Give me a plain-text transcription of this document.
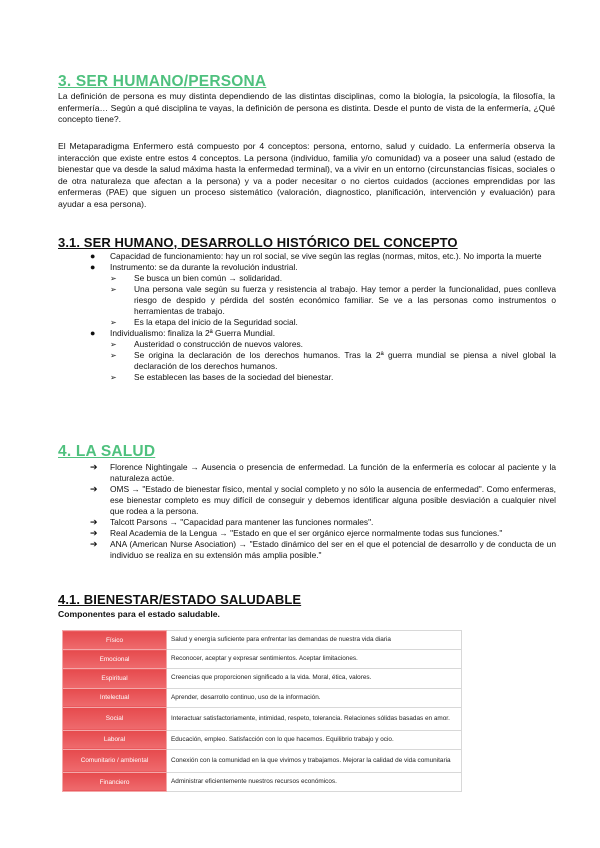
3. SER HUMANO/PERSONA

La definición de persona es muy distinta dependiendo de las distintas disciplinas, como la biología, la psicología, la filosofía, la enfermería… Según a qué disciplina te vayas, la definición de persona es distinta. Desde el punto de vista de la enfermería, ¿Qué concepto tiene?.

El Metaparadigma Enfermero está compuesto por 4 conceptos: persona, entorno, salud y cuidado. La enfermería observa la interacción que existe entre estos 4 conceptos. La persona (individuo, familia y/o comunidad) va a poseer una salud (estado de bienestar que va desde la salud máxima hasta la enfermedad terminal), va a vivir en un entorno (circunstancias físicas, sociales o de otra naturaleza que afectan a la persona) y va a poder necesitar o no ciertos cuidados (acciones emprendidas por las enfermeras (PAE) que siguen un proceso sistemático (valoración, diagnostico, planificación, intervención y evaluación) para ayudar a esa persona).

3.1. SER HUMANO, DESARROLLO HISTÓRICO DEL CONCEPTO
● Capacidad de funcionamiento: hay un rol social, se vive según las reglas (normas, mitos, etc.). No importa la muerte
● Instrumento: se da durante la revolución industrial.
➢ Se busca un bien común → solidaridad.
➢ Una persona vale según su fuerza y resistencia al trabajo. Hay temor a perder la funcionalidad, pues conlleva riesgo de despido y pérdida del sostén económico familiar. Se ve a las personas como instrumentos o herramientas de trabajo.
➢ Es la etapa del inicio de la Seguridad social.
● Individualismo: finaliza la 2ª Guerra Mundial.
➢ Austeridad o construcción de nuevos valores.
➢ Se origina la declaración de los derechos humanos. Tras la 2ª guerra mundial se piensa a nivel global la declaración de los derechos humanos.
➢ Se establecen las bases de la sociedad del bienestar.
4. LA SALUD
➔ Florence Nightingale → Ausencia o presencia de enfermedad. La función de la enfermería es colocar al paciente y la naturaleza actúe.
➔ OMS → "Estado de bienestar físico, mental y social completo y no sólo la ausencia de enfermedad". Como enfermeras, ese bienestar completo es muy difícil de conseguir y debemos identificar alguna posible desviación a cualquier nivel que rodea a la persona.
➔ Talcott Parsons → "Capacidad para mantener las funciones normales".
➔ Real Academia de la Lengua → "Estado en que el ser orgánico ejerce normalmente todas sus funciones."
➔ ANA (American Nurse Asociation) → "Estado dinámico del ser en el que el potencial de desarrollo y de conducta de un individuo se realiza en su extensión más amplia posible."
4.1. BIENESTAR/ESTADO SALUDABLE
Componentes para el estado saludable.
Físico	Salud y energía suficiente para enfrentar las demandas de nuestra vida diaria
Emocional	Reconocer, aceptar y expresar sentimientos. Aceptar limitaciones.
Espiritual	Creencias que proporcionen significado a la vida. Moral, ética, valores.
Intelectual	Aprender, desarrollo continuo, uso de la información.
Social	Interactuar satisfactoriamente, intimidad, respeto, tolerancia. Relaciones sólidas basadas en amor.
Laboral	Educación, empleo. Satisfacción con lo que hacemos. Equilibrio trabajo y ocio.
Comunitario / ambiental	Conexión con la comunidad en la que vivimos y trabajamos. Mejorar la calidad de vida comunitaria
Financiero	Administrar eficientemente nuestros recursos económicos.
